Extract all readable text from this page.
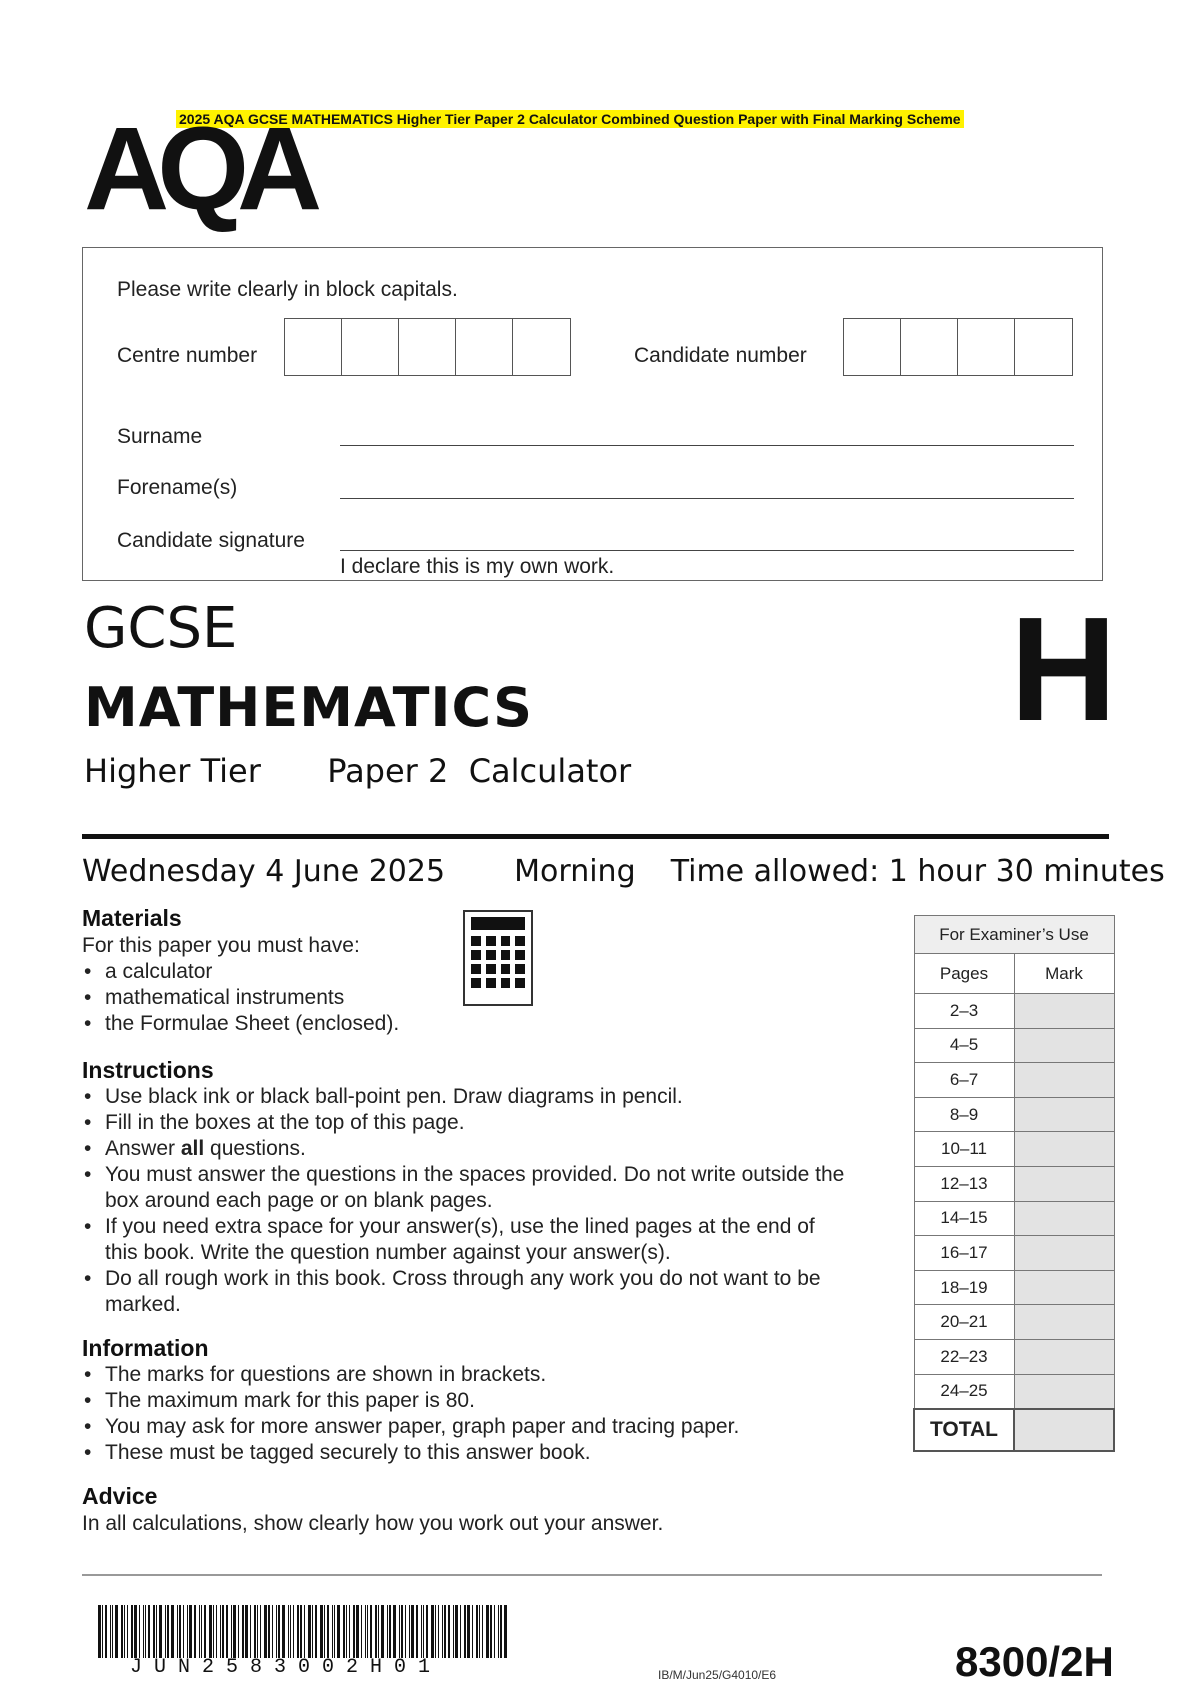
2025 AQA GCSE MATHEMATICS Higher Tier Paper 2 Calculator Combined Question Paper with Final Marking Scheme
AQA
Please write clearly in block capitals.
Centre number	Candidate number
Surname
Forename(s)
Candidate signature
I declare this is my own work.
GCSE
MATHEMATICS
Higher Tier Paper 2  Calculator
H
Wednesday 4 June 2025 Morning Time allowed: 1 hour 30 minutes
Materials
For this paper you must have:
• a calculator
• mathematical instruments
• the Formulae Sheet (enclosed).
Instructions
• Use black ink or black ball-point pen. Draw diagrams in pencil.
• Fill in the boxes at the top of this page.
• Answer all questions.
• You must answer the questions in the spaces provided. Do not write outside the box around each page or on blank pages.
• If you need extra space for your answer(s), use the lined pages at the end of this book. Write the question number against your answer(s).
• Do all rough work in this book. Cross through any work you do not want to be marked.
Information
• The marks for questions are shown in brackets.
• The maximum mark for this paper is 80.
• You may ask for more answer paper, graph paper and tracing paper.
• These must be tagged securely to this answer book.
Advice
In all calculations, show clearly how you work out your answer.
For Examiner’s Use	
Pages	Mark
2–3	
4–5	
6–7	
8–9	
10–11	
12–13	
14–15	
16–17	
18–19	
20–21	
22–23	
24–25	
TOTAL	
JUN2583002H01	IB/M/Jun25/G4010/E6	8300/2H
